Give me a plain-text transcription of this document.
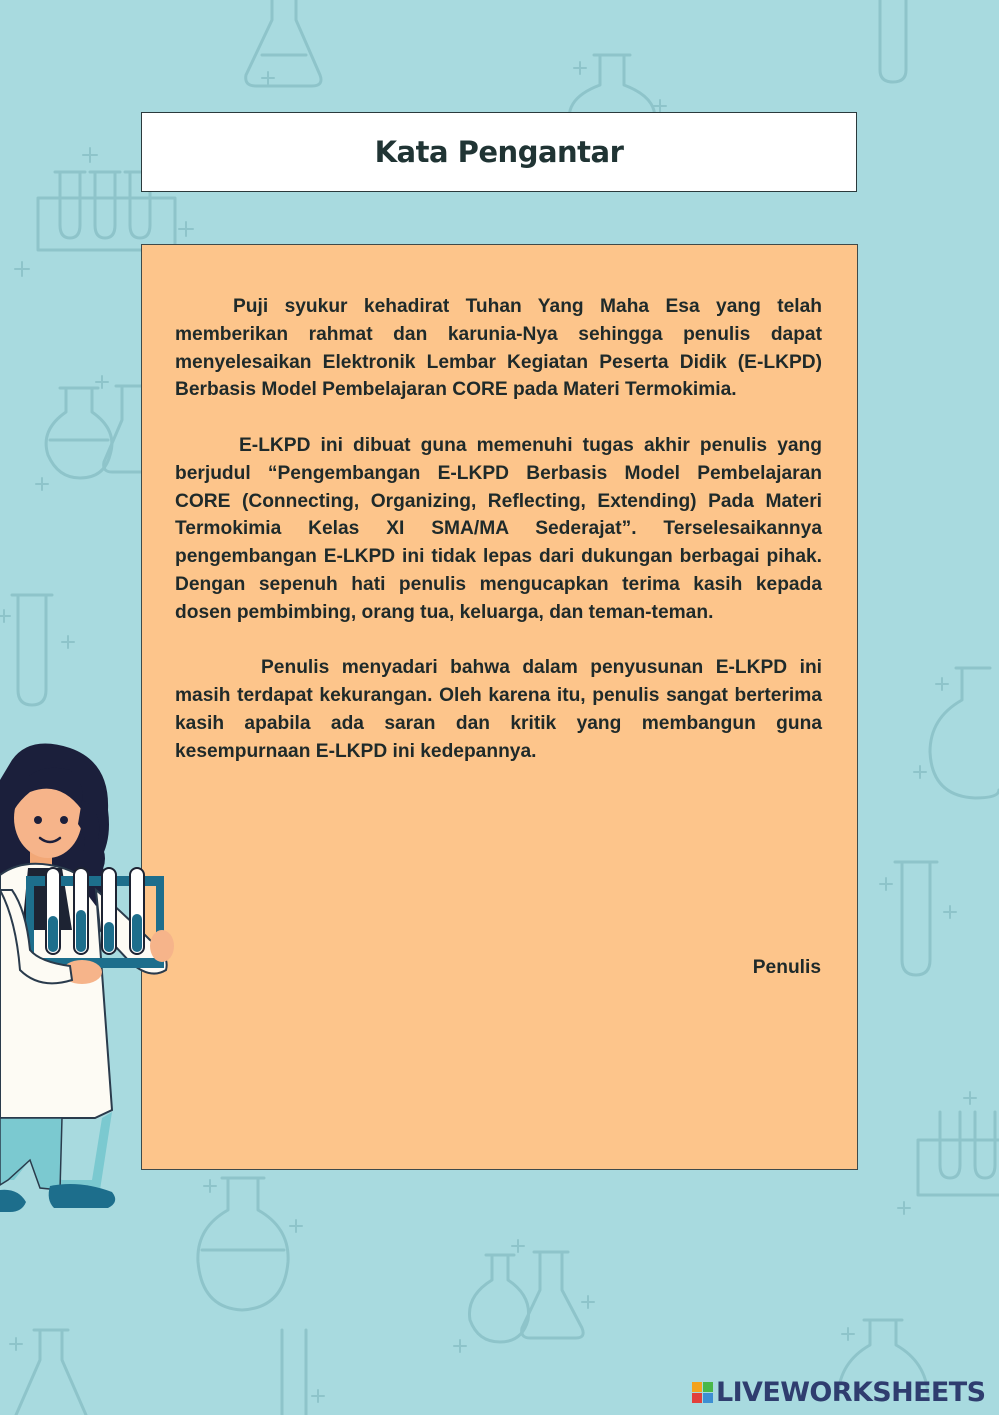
Kata Pengantar

Puji syukur kehadirat Tuhan Yang Maha Esa yang telah memberikan rahmat dan karunia-Nya sehingga penulis dapat menyelesaikan Elektronik Lembar Kegiatan Peserta Didik (E-LKPD) Berbasis Model Pembelajaran CORE pada Materi Termokimia.

E-LKPD ini dibuat guna memenuhi tugas akhir penulis yang berjudul “Pengembangan E-LKPD Berbasis Model Pembelajaran CORE (Connecting, Organizing, Reflecting, Extending) Pada Materi Termokimia Kelas XI SMA/MA Sederajat”. Terselesaikannya pengembangan E-LKPD ini tidak lepas dari dukungan berbagai pihak. Dengan sepenuh hati penulis mengucapkan terima kasih kepada dosen pembimbing, orang tua, keluarga, dan teman-teman.

Penulis menyadari bahwa dalam penyusunan E-LKPD ini masih terdapat kekurangan. Oleh karena itu, penulis sangat berterima kasih apabila ada saran dan kritik yang membangun guna kesempurnaan E-LKPD ini kedepannya.

Penulis
LIVEWORKSHEETS
